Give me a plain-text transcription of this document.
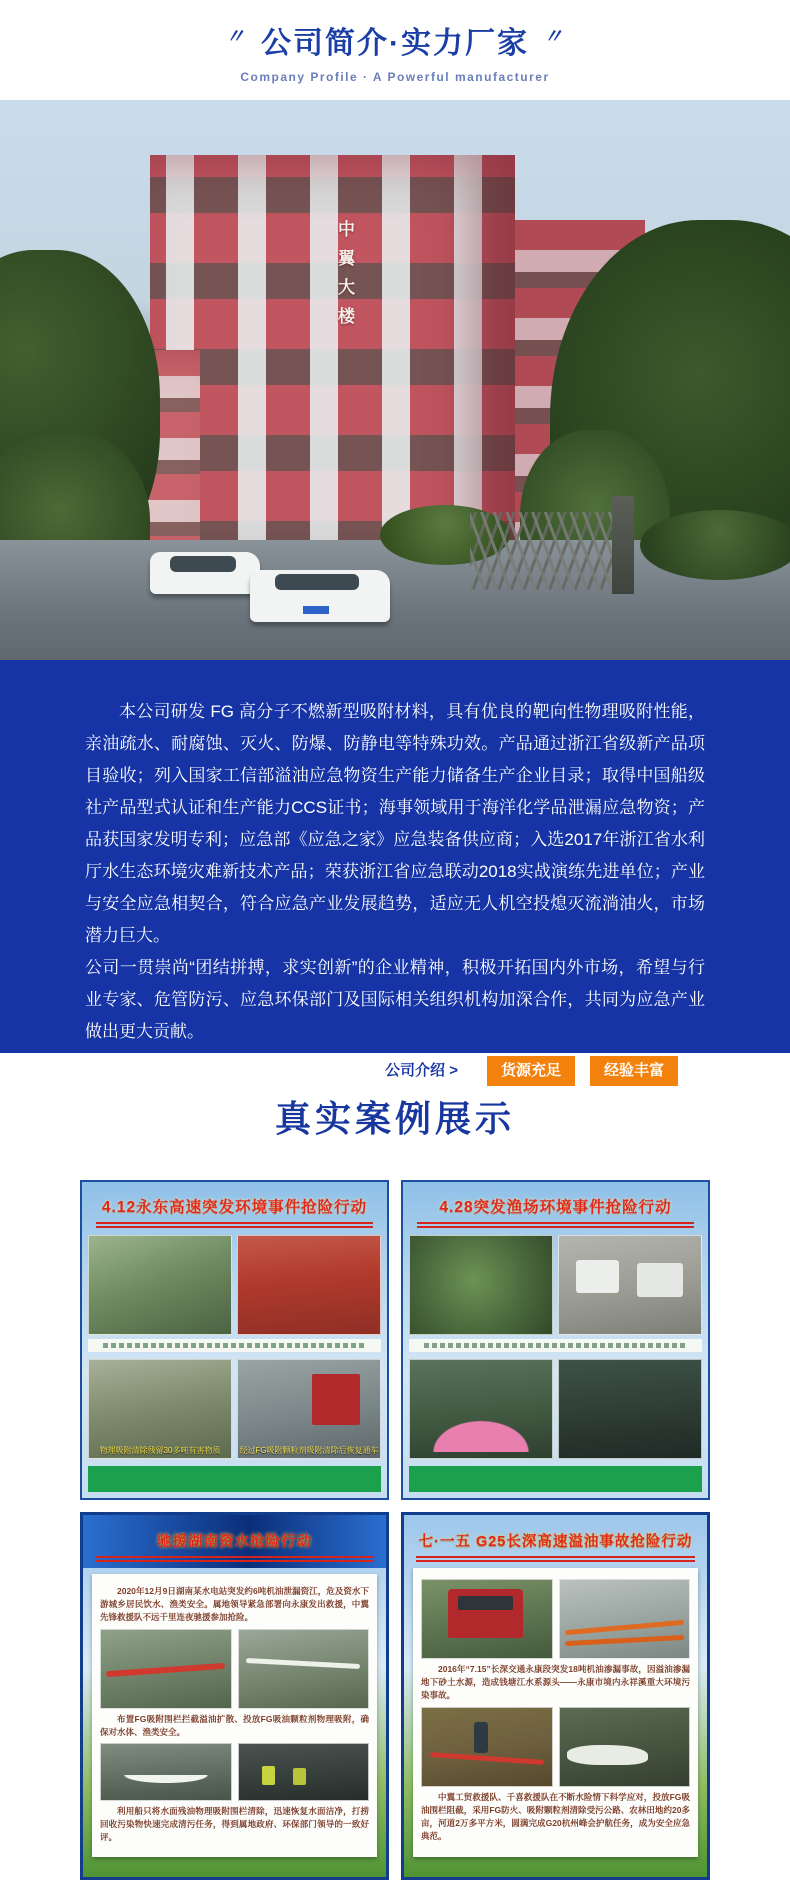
〃 公司简介·实力厂家 〃
Company Profile · A Powerful manufacturer
中翼大楼

本公司研发 FG 高分子不燃新型吸附材料，具有优良的靶向性物理吸附性能，亲油疏水、耐腐蚀、灭火、防爆、防静电等特殊功效。产品通过浙江省级新产品项目验收；列入国家工信部溢油应急物资生产能力储备生产企业目录；取得中国船级社产品型式认证和生产能力CCS证书；海事领域用于海洋化学品泄漏应急物资；产品获国家发明专利；应急部《应急之家》应急装备供应商；入选2017年浙江省水利厅水生态环境灾难新技术产品；荣获浙江省应急联动2018实战演练先进单位；产业与安全应急相契合，符合应急产业发展趋势，适应无人机空投熄灭流淌油火，市场潜力巨大。

公司一贯崇尚“团结拼搏，求实创新”的企业精神，积极开拓国内外市场，希望与行业专家、危管防污、应急环保部门及国际相关组织机构加深合作，共同为应急产业做出更大贡献。

公司介绍 >	货源充足	经验丰富
真实案例展示
4.12永东高速突发环境事件抢险行动
物理吸附清除残留30多吨有害物质	经过FG吸附颗粒剂吸附清除后恢复通车
4.28突发渔场环境事件抢险行动
驰援湖南资水抢险行动
2020年12月9日湖南某水电站突发约6吨机油泄漏资江，危及资水下游城乡居民饮水、渔类安全。属地领导紧急部署向永康发出救援，中翼先锋救援队不远千里连夜驰援参加抢险。
布置FG吸附围栏拦截溢油扩散、投放FG吸油颗粒剂物理吸附，确保对水体、渔类安全。
利用船只将水面残油物理吸附围栏清除，迅速恢复水面洁净，打捞回收污染物快速完成清污任务，得到属地政府、环保部门领导的一致好评。
七·一五 G25长深高速溢油事故抢险行动
2016年“7.15”长深交通永康段突发18吨机油渗漏事故，因溢油渗漏地下砂土水源，造成钱塘江水系源头——永康市境内永祥溪重大环境污染事故。
中翼工贸救援队、千喜救援队在不断水险情下科学应对，投放FG吸油围栏阻截，采用FG防火、吸附颗粒剂清除受污公路、农林田地约20多亩，河道2万多平方米，圆满完成G20杭州峰会护航任务，成为安全应急典范。
